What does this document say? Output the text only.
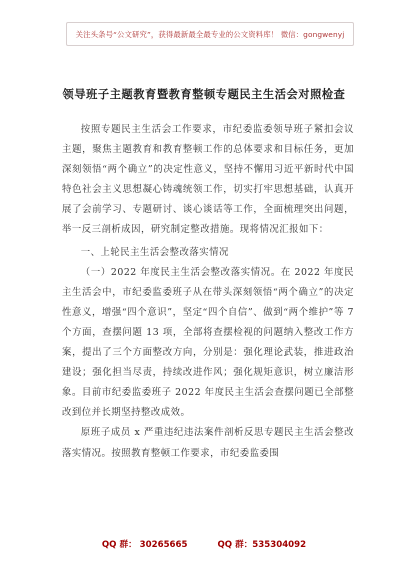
关注头条号“公文研究”，获得最新最全最专业的公文资料库！ 微信：gongwenyj
领导班子主题教育暨教育整顿专题民主生活会对照检查

按照专题民主生活会工作要求，市纪委监委领导班子紧扣会议主题，聚焦主题教育和教育整顿工作的总体要求和目标任务，更加深刻领悟“两个确立”的决定性意义，坚持不懈用习近平新时代中国特色社会主义思想凝心铸魂统领工作，切实打牢思想基础，认真开展了会前学习、专题研讨、谈心谈话等工作，全面梳理突出问题，举一反三剖析成因，研究制定整改措施。现将情况汇报如下：

一、上轮民主生活会整改落实情况

（一）2022 年度民主生活会整改落实情况。在 2022 年度民主生活会中，市纪委监委班子从在带头深刻领悟“两个确立”的决定性意义，增强“四个意识”，坚定“四个自信”、做到“两个维护”等 7 个方面，查摆问题 13 项，全部将查摆检视的问题纳入整改工作方案，提出了三个方面整改方向，分别是：强化理论武装，推进政治建设；强化担当尽责，持续改进作风；强化规矩意识，树立廉洁形象。目前市纪委监委班子 2022 年度民主生活会查摆问题已全部整改到位并长期坚持整改成效。

原班子成员 x 严重违纪违法案件剖析反思专题民主生活会整改落实情况。按照教育整顿工作要求，市纪委监委围

QQ 群： 30265665	QQ 群：535304092
